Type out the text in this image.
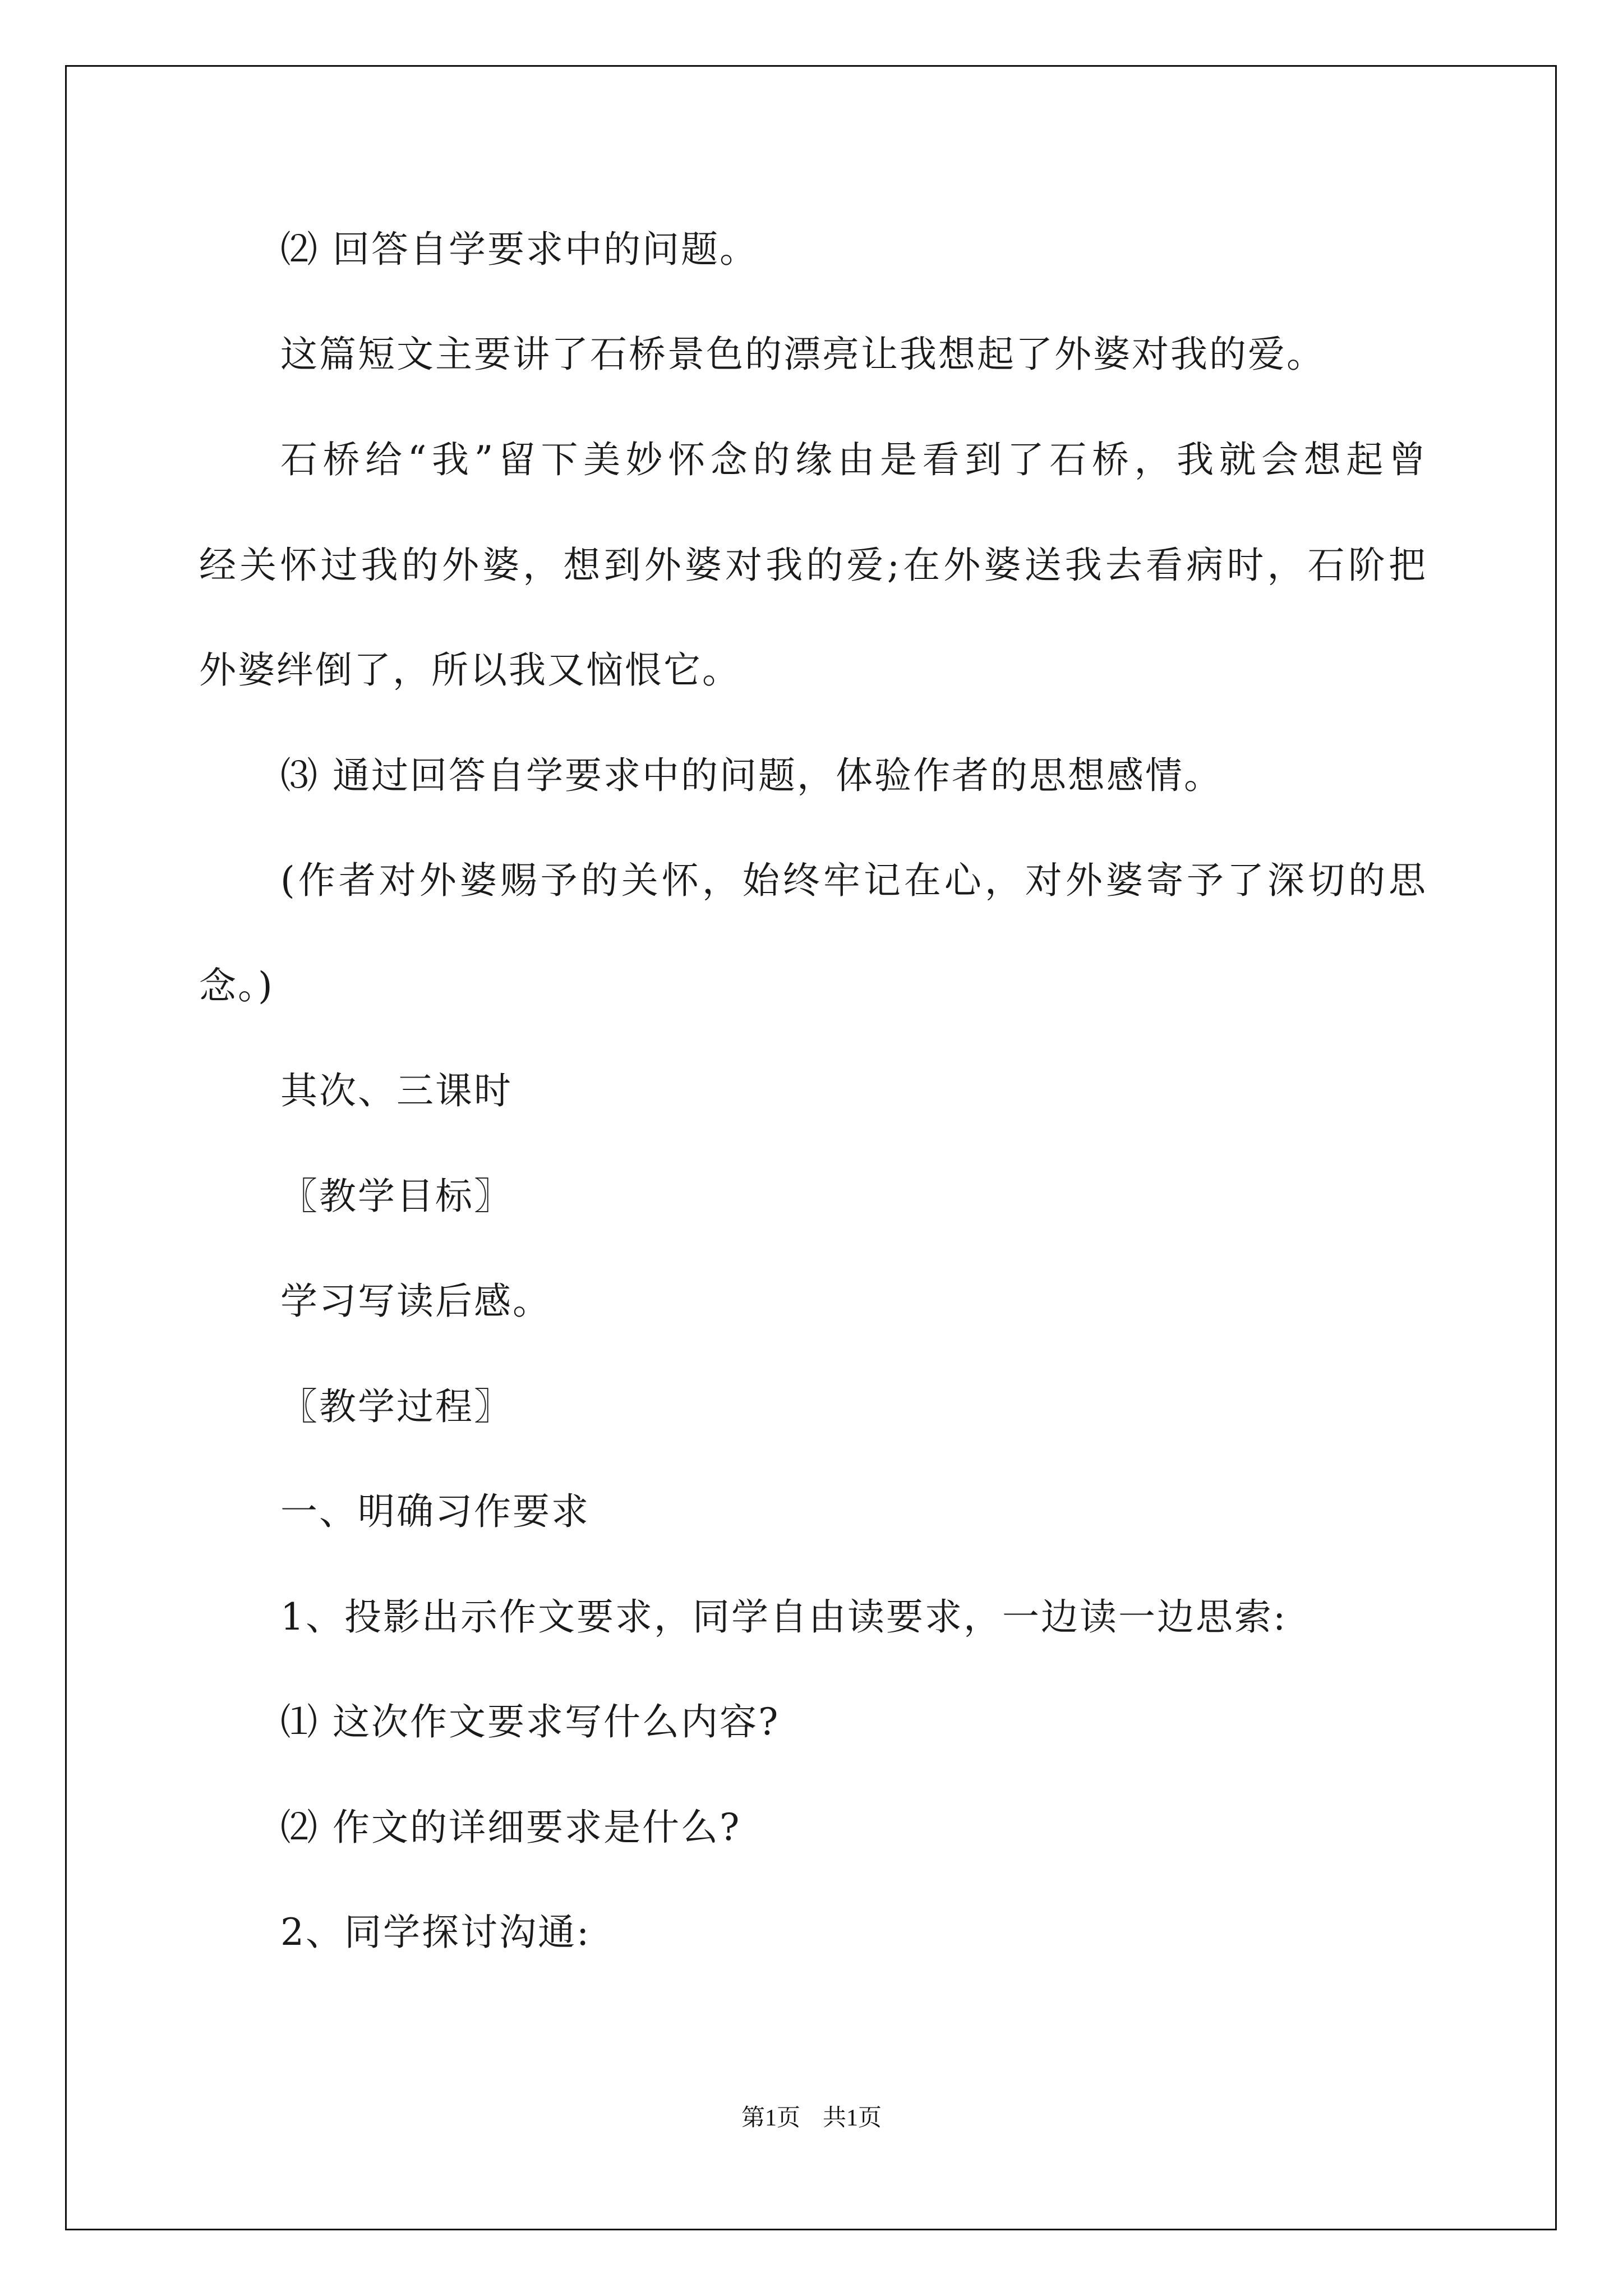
⑵ 回答自学要求中的问题。
这篇短文主要讲了石桥景色的漂亮让我想起了外婆对我的爱。
石桥给“我”留下美妙怀念的缘由是看到了石桥，我就会想起曾
经关怀过我的外婆，想到外婆对我的爱;在外婆送我去看病时，石阶把
外婆绊倒了，所以我又恼恨它。
⑶ 通过回答自学要求中的问题，体验作者的思想感情。
(作者对外婆赐予的关怀，始终牢记在心，对外婆寄予了深切的思
念。)
其次、三课时
〖教学目标〗
学习写读后感。
〖教学过程〗
一、明确习作要求
1、投影出示作文要求，同学自由读要求，一边读一边思索:
⑴ 这次作文要求写什么内容?
⑵ 作文的详细要求是什么?
2、同学探讨沟通:
第1页 共1页
